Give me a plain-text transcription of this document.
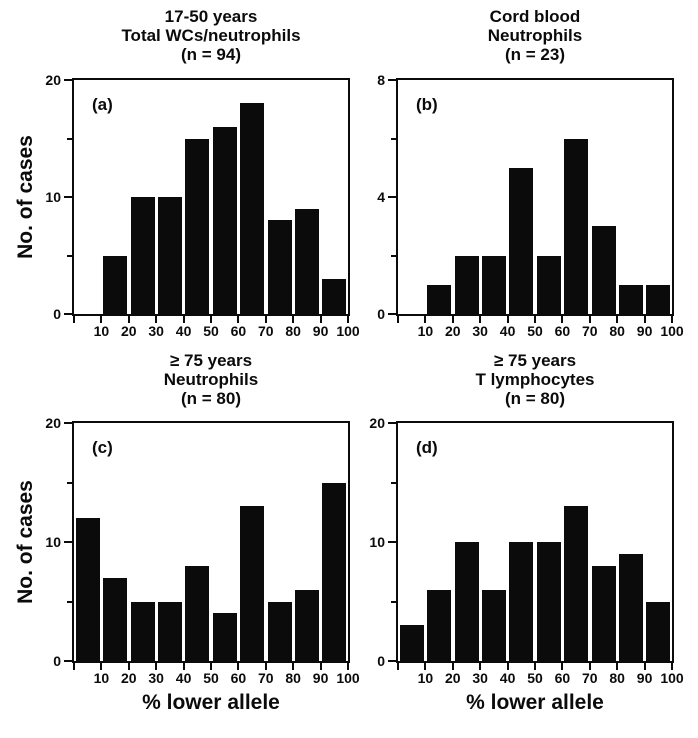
17-50 years
Total WCs/neutrophils
(n = 94)
(a)
10 20 30 40 50 60 70 80 90 100
0
10
20
No. of cases
Cord blood
Neutrophils
(n = 23)
(b)
10 20 30 40 50 60 70 80 90 100
0
4
8
≥ 75 years
Neutrophils
(n = 80)
(c)
10 20 30 40 50 60 70 80 90 100
0
10
20
No. of cases
% lower allele
≥ 75 years
T lymphocytes
(n = 80)
(d)
10 20 30 40 50 60 70 80 90 100
0
10
20
% lower allele
